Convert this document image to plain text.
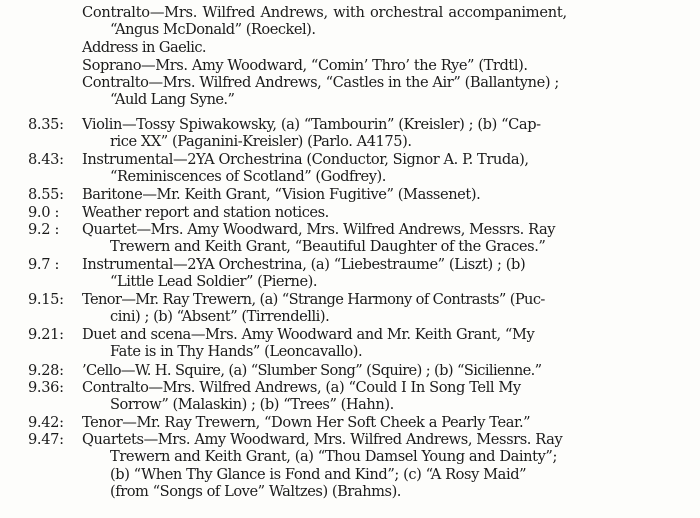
Contralto—Mrs. Wilfred Andrews, with orchestral accompaniment,
“Angus McDonald” (Roeckel).
Address in Gaelic.
Soprano—Mrs. Amy Woodward, “Comin’ Thro’ the Rye” (Trdtl).
Contralto—Mrs. Wilfred Andrews, “Castles in the Air” (Ballantyne) ;
“Auld Lang Syne.”
8.35:	Violin—Tossy Spiwakowsky, (a) “Tambourin” (Kreisler) ; (b) “Cap-
rice XX” (Paganini-Kreisler) (Parlo. A4175).
8.43:	Instrumental—2YA Orchestrina (Conductor, Signor A. P. Truda),
“Reminiscences of Scotland” (Godfrey).
8.55:	Baritone—Mr. Keith Grant, “Vision Fugitive” (Massenet).
9.0 :	Weather report and station notices.
9.2 :	Quartet—Mrs. Amy Woodward, Mrs. Wilfred Andrews, Messrs. Ray
Trewern and Keith Grant, “Beautiful Daughter of the Graces.”
9.7 :	Instrumental—2YA Orchestrina, (a) “Liebestraume” (Liszt) ; (b)
“Little Lead Soldier” (Pierne).
9.15:	Tenor—Mr. Ray Trewern, (a) “Strange Harmony of Contrasts” (Puc-
cini) ; (b) “Absent” (Tirrendelli).
9.21:	Duet and scena—Mrs. Amy Woodward and Mr. Keith Grant, “My
Fate is in Thy Hands” (Leoncavallo).
9.28:	’Cello—W. H. Squire, (a) “Slumber Song” (Squire) ; (b) “Sicilienne.”
9.36:	Contralto—Mrs. Wilfred Andrews, (a) “Could I In Song Tell My
Sorrow” (Malaskin) ; (b) “Trees” (Hahn).
9.42:	Tenor—Mr. Ray Trewern, “Down Her Soft Cheek a Pearly Tear.”
9.47:	Quartets—Mrs. Amy Woodward, Mrs. Wilfred Andrews, Messrs. Ray
Trewern and Keith Grant, (a) “Thou Damsel Young and Dainty”;
(b) “When Thy Glance is Fond and Kind”; (c) “A Rosy Maid”
(from “Songs of Love” Waltzes) (Brahms).
